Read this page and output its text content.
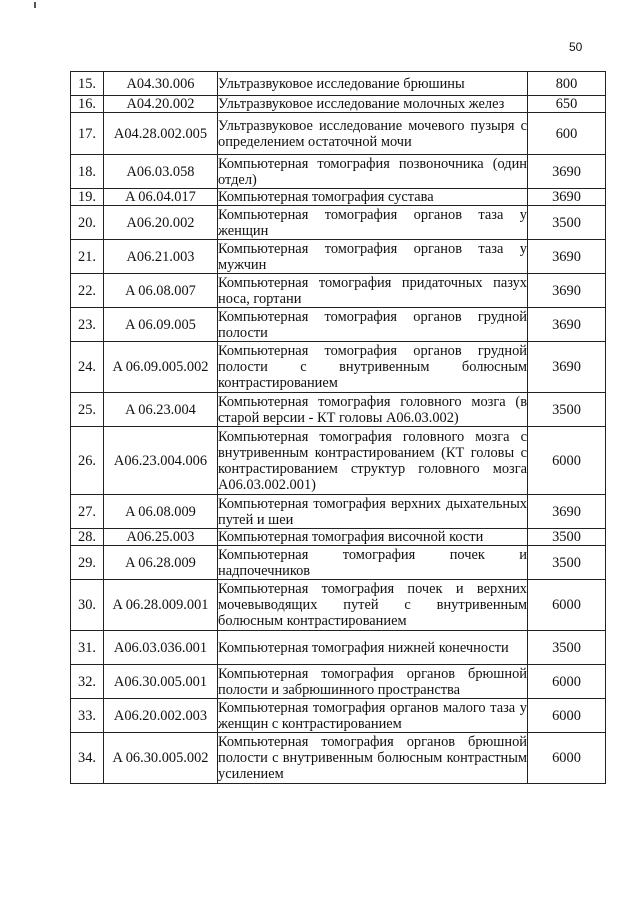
50
15.	A04.30.006	Ультразвуковое исследование брюшины	800
16.	A04.20.002	Ультразвуковое исследование молочных желез	650
17.	A04.28.002.005	Ультразвуковое исследование мочевого пузыря с определением остаточной мочи	600
18.	A06.03.058	Компьютерная томография позвоночника (один отдел)	3690
19.	A 06.04.017	Компьютерная томография сустава	3690
20.	A06.20.002	Компьютерная томография органов таза у женщин	3500
21.	A06.21.003	Компьютерная томография органов таза у мужчин	3690
22.	A 06.08.007	Компьютерная томография придаточных пазух носа, гортани	3690
23.	A 06.09.005	Компьютерная томография органов грудной полости	3690
24.	A 06.09.005.002	Компьютерная томография органов грудной полости с внутривенным болюсным контрастированием	3690
25.	A 06.23.004	Компьютерная томография головного мозга (в старой версии - КТ головы A06.03.002)	3500
26.	A06.23.004.006	Компьютерная томография головного мозга с внутривенным контрастированием (КТ головы с контрастированием структур головного мозга A06.03.002.001)	6000
27.	A 06.08.009	Компьютерная томография верхних дыхательных путей и шеи	3690
28.	A06.25.003	Компьютерная томография височной кости	3500
29.	A 06.28.009	Компьютерная томография почек и надпочечников	3500
30.	A 06.28.009.001	Компьютерная томография почек и верхних мочевыводящих путей с внутривенным болюсным контрастированием	6000
31.	A06.03.036.001	Компьютерная томография нижней конечности	3500
32.	A06.30.005.001	Компьютерная томография органов брюшной полости и забрюшинного пространства	6000
33.	A06.20.002.003	Компьютерная томография органов малого таза у женщин с контрастированием	6000
34.	A 06.30.005.002	Компьютерная томография органов брюшной полости с внутривенным болюсным контрастным усилением	6000
